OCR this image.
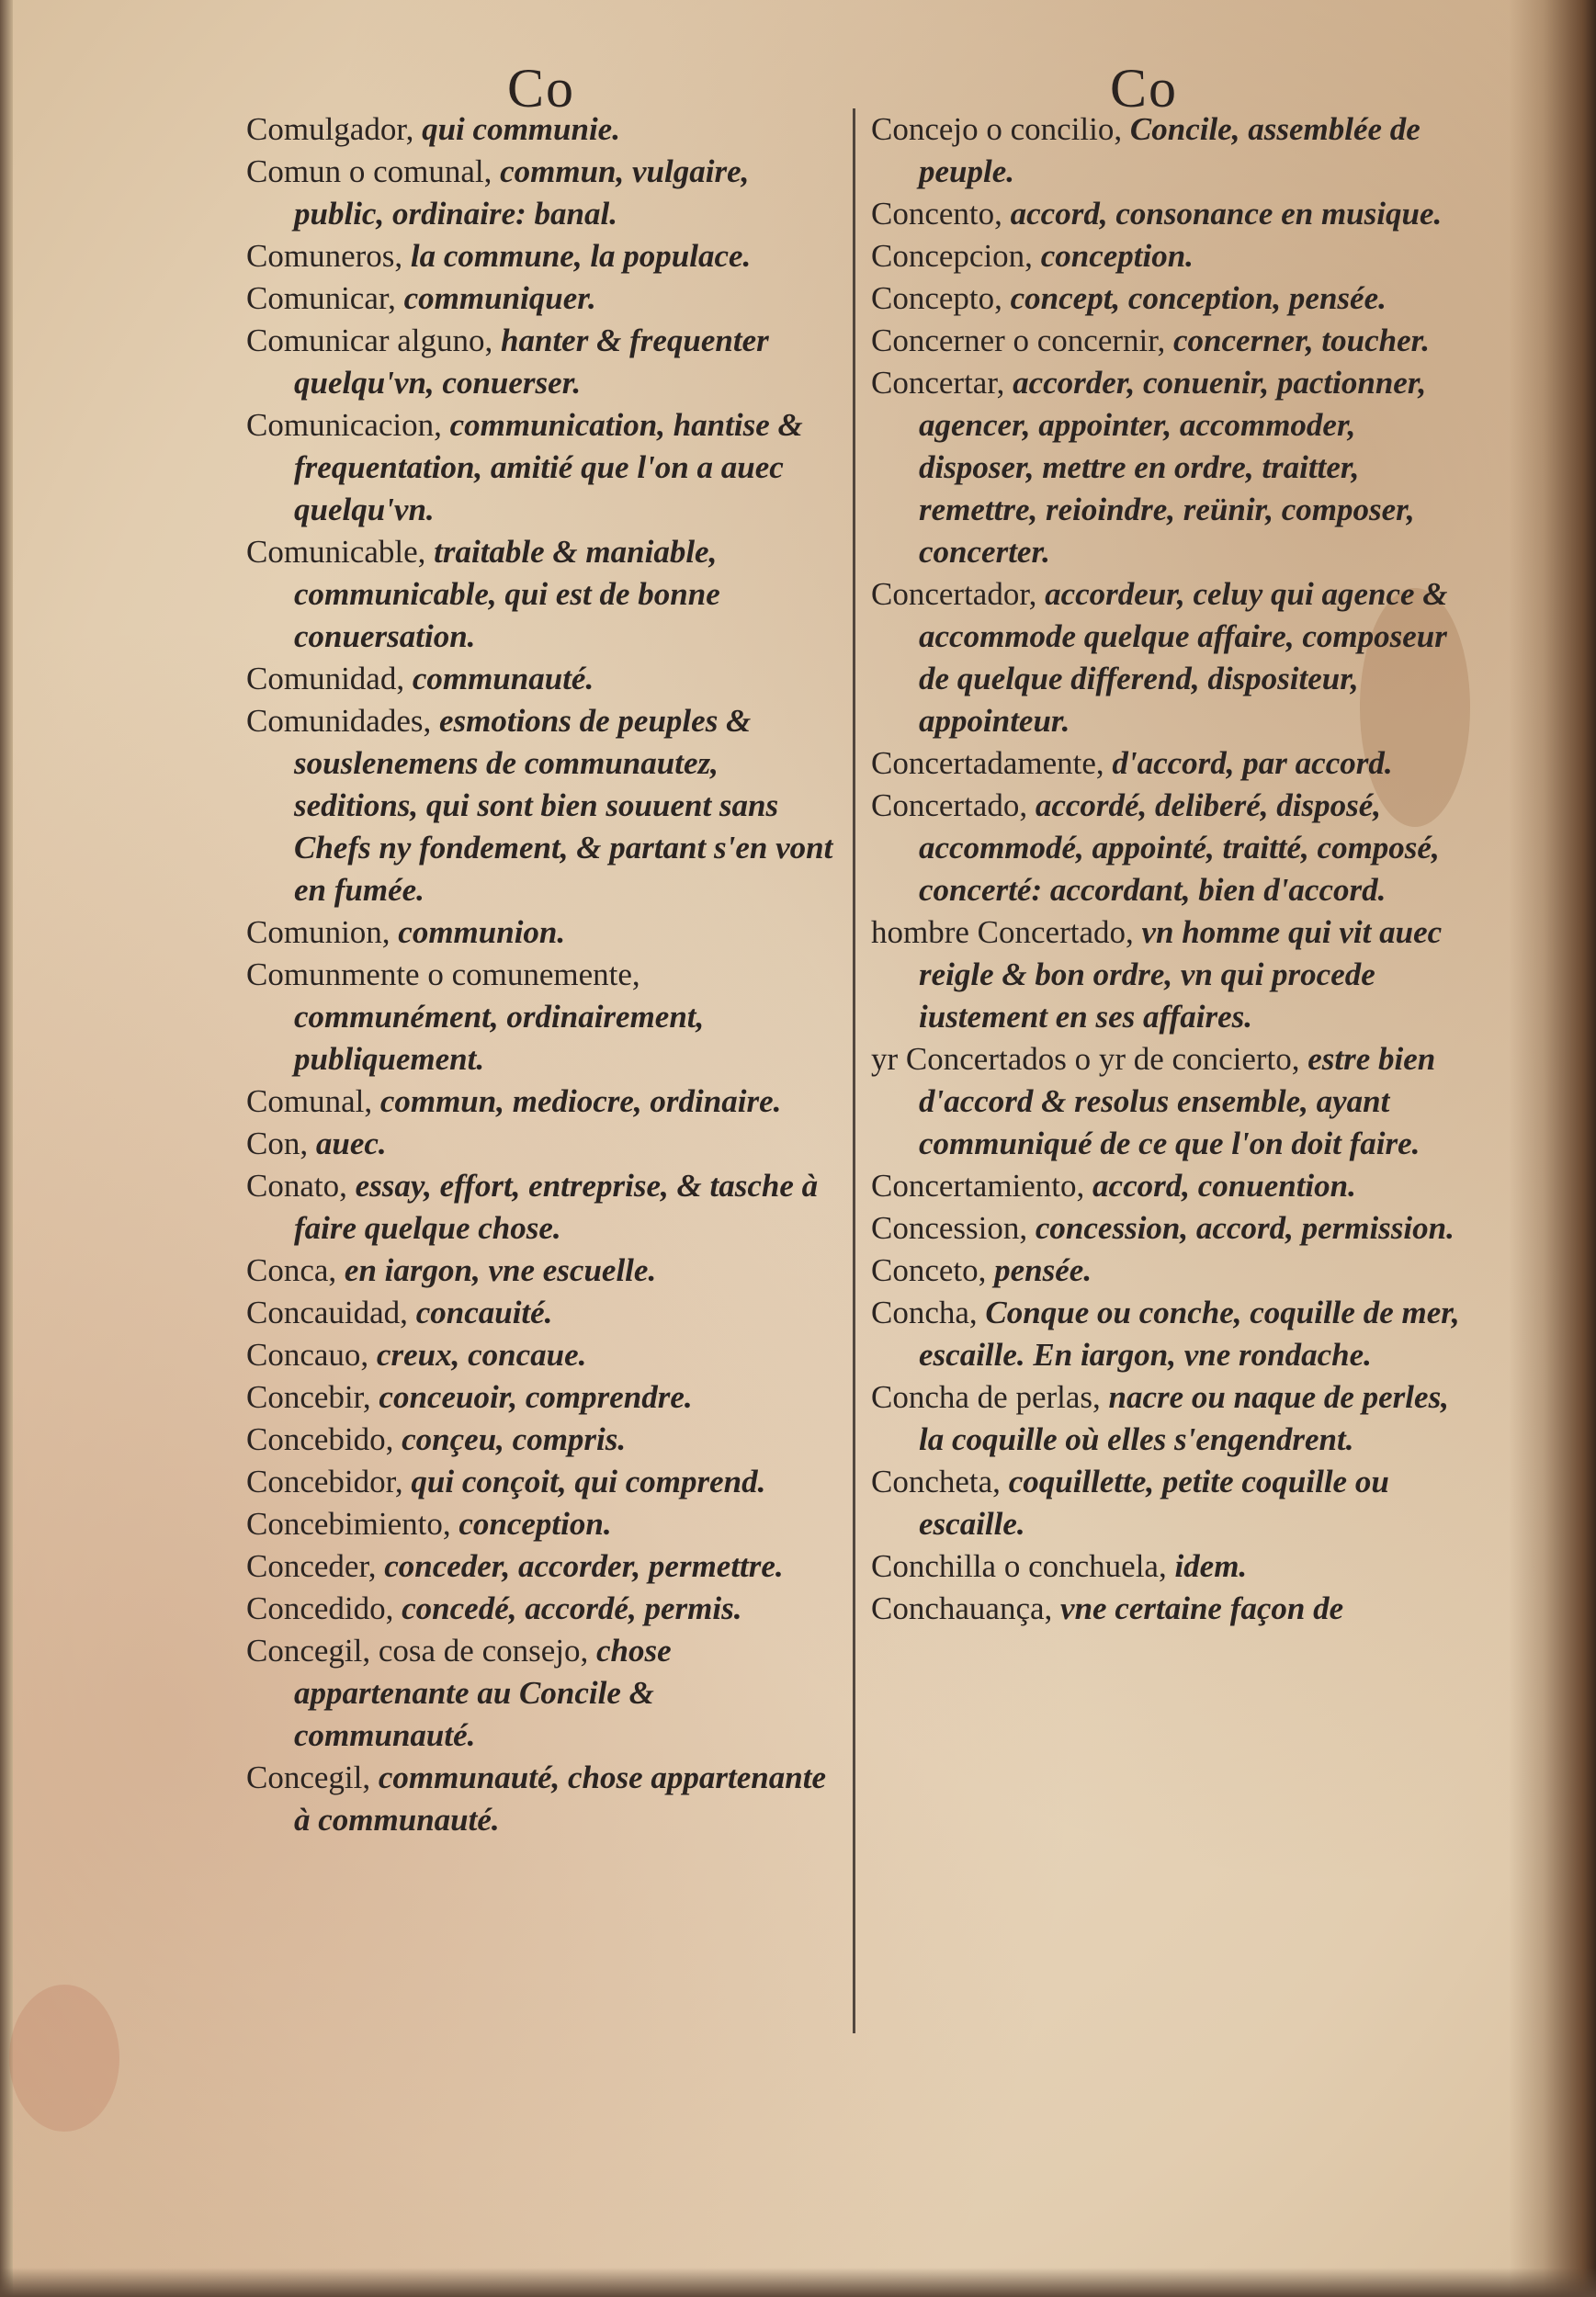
Co	Co
Comulgador, qui communie.
Comun o comunal, commun, vulgaire, public, ordinaire: banal.
Comuneros, la commune, la populace.
Comunicar, communiquer.
Comunicar alguno, hanter & frequenter quelqu'vn, conuerser.
Comunicacion, communication, hantise & frequentation, amitié que l'on a auec quelqu'vn.
Comunicable, traitable & maniable, communicable, qui est de bonne conuersation.
Comunidad, communauté.
Comunidades, esmotions de peuples & souslenemens de communautez, seditions, qui sont bien souuent sans Chefs ny fondement, & partant s'en vont en fumée.
Comunion, communion.
Comunmente o comunemente, communément, ordinairement, publiquement.
Comunal, commun, mediocre, ordinaire.
Con, auec.
Conato, essay, effort, entreprise, & tasche à faire quelque chose.
Conca, en iargon, vne escuelle.
Concauidad, concauité.
Concauo, creux, concaue.
Concebir, conceuoir, comprendre.
Concebido, conçeu, compris.
Concebidor, qui conçoit, qui comprend.
Concebimiento, conception.
Conceder, conceder, accorder, permettre.
Concedido, concedé, accordé, permis.
Concegil, cosa de consejo, chose appartenante au Concile & communauté.
Concegil, communauté, chose appartenante à communauté.
Concejo o concilio, Concile, assemblée de peuple.
Concento, accord, consonance en musique.
Concepcion, conception.
Concepto, concept, conception, pensée.
Concerner o concernir, concerner, toucher.
Concertar, accorder, conuenir, pactionner, agencer, appointer, accommoder, disposer, mettre en ordre, traitter, remettre, reioindre, reünir, composer, concerter.
Concertador, accordeur, celuy qui agence & accommode quelque affaire, composeur de quelque differend, dispositeur, appointeur.
Concertadamente, d'accord, par accord.
Concertado, accordé, deliberé, disposé, accommodé, appointé, traitté, composé, concerté: accordant, bien d'accord.
hombre Concertado, vn homme qui vit auec reigle & bon ordre, vn qui procede iustement en ses affaires.
yr Concertados o yr de concierto, estre bien d'accord & resolus ensemble, ayant communiqué de ce que l'on doit faire.
Concertamiento, accord, conuention.
Concession, concession, accord, permission.
Conceto, pensée.
Concha, Conque ou conche, coquille de mer, escaille. En iargon, vne rondache.
Concha de perlas, nacre ou naque de perles, la coquille où elles s'engendrent.
Concheta, coquillette, petite coquille ou escaille.
Conchilla o conchuela, idem.
Conchauança, vne certaine façon de
